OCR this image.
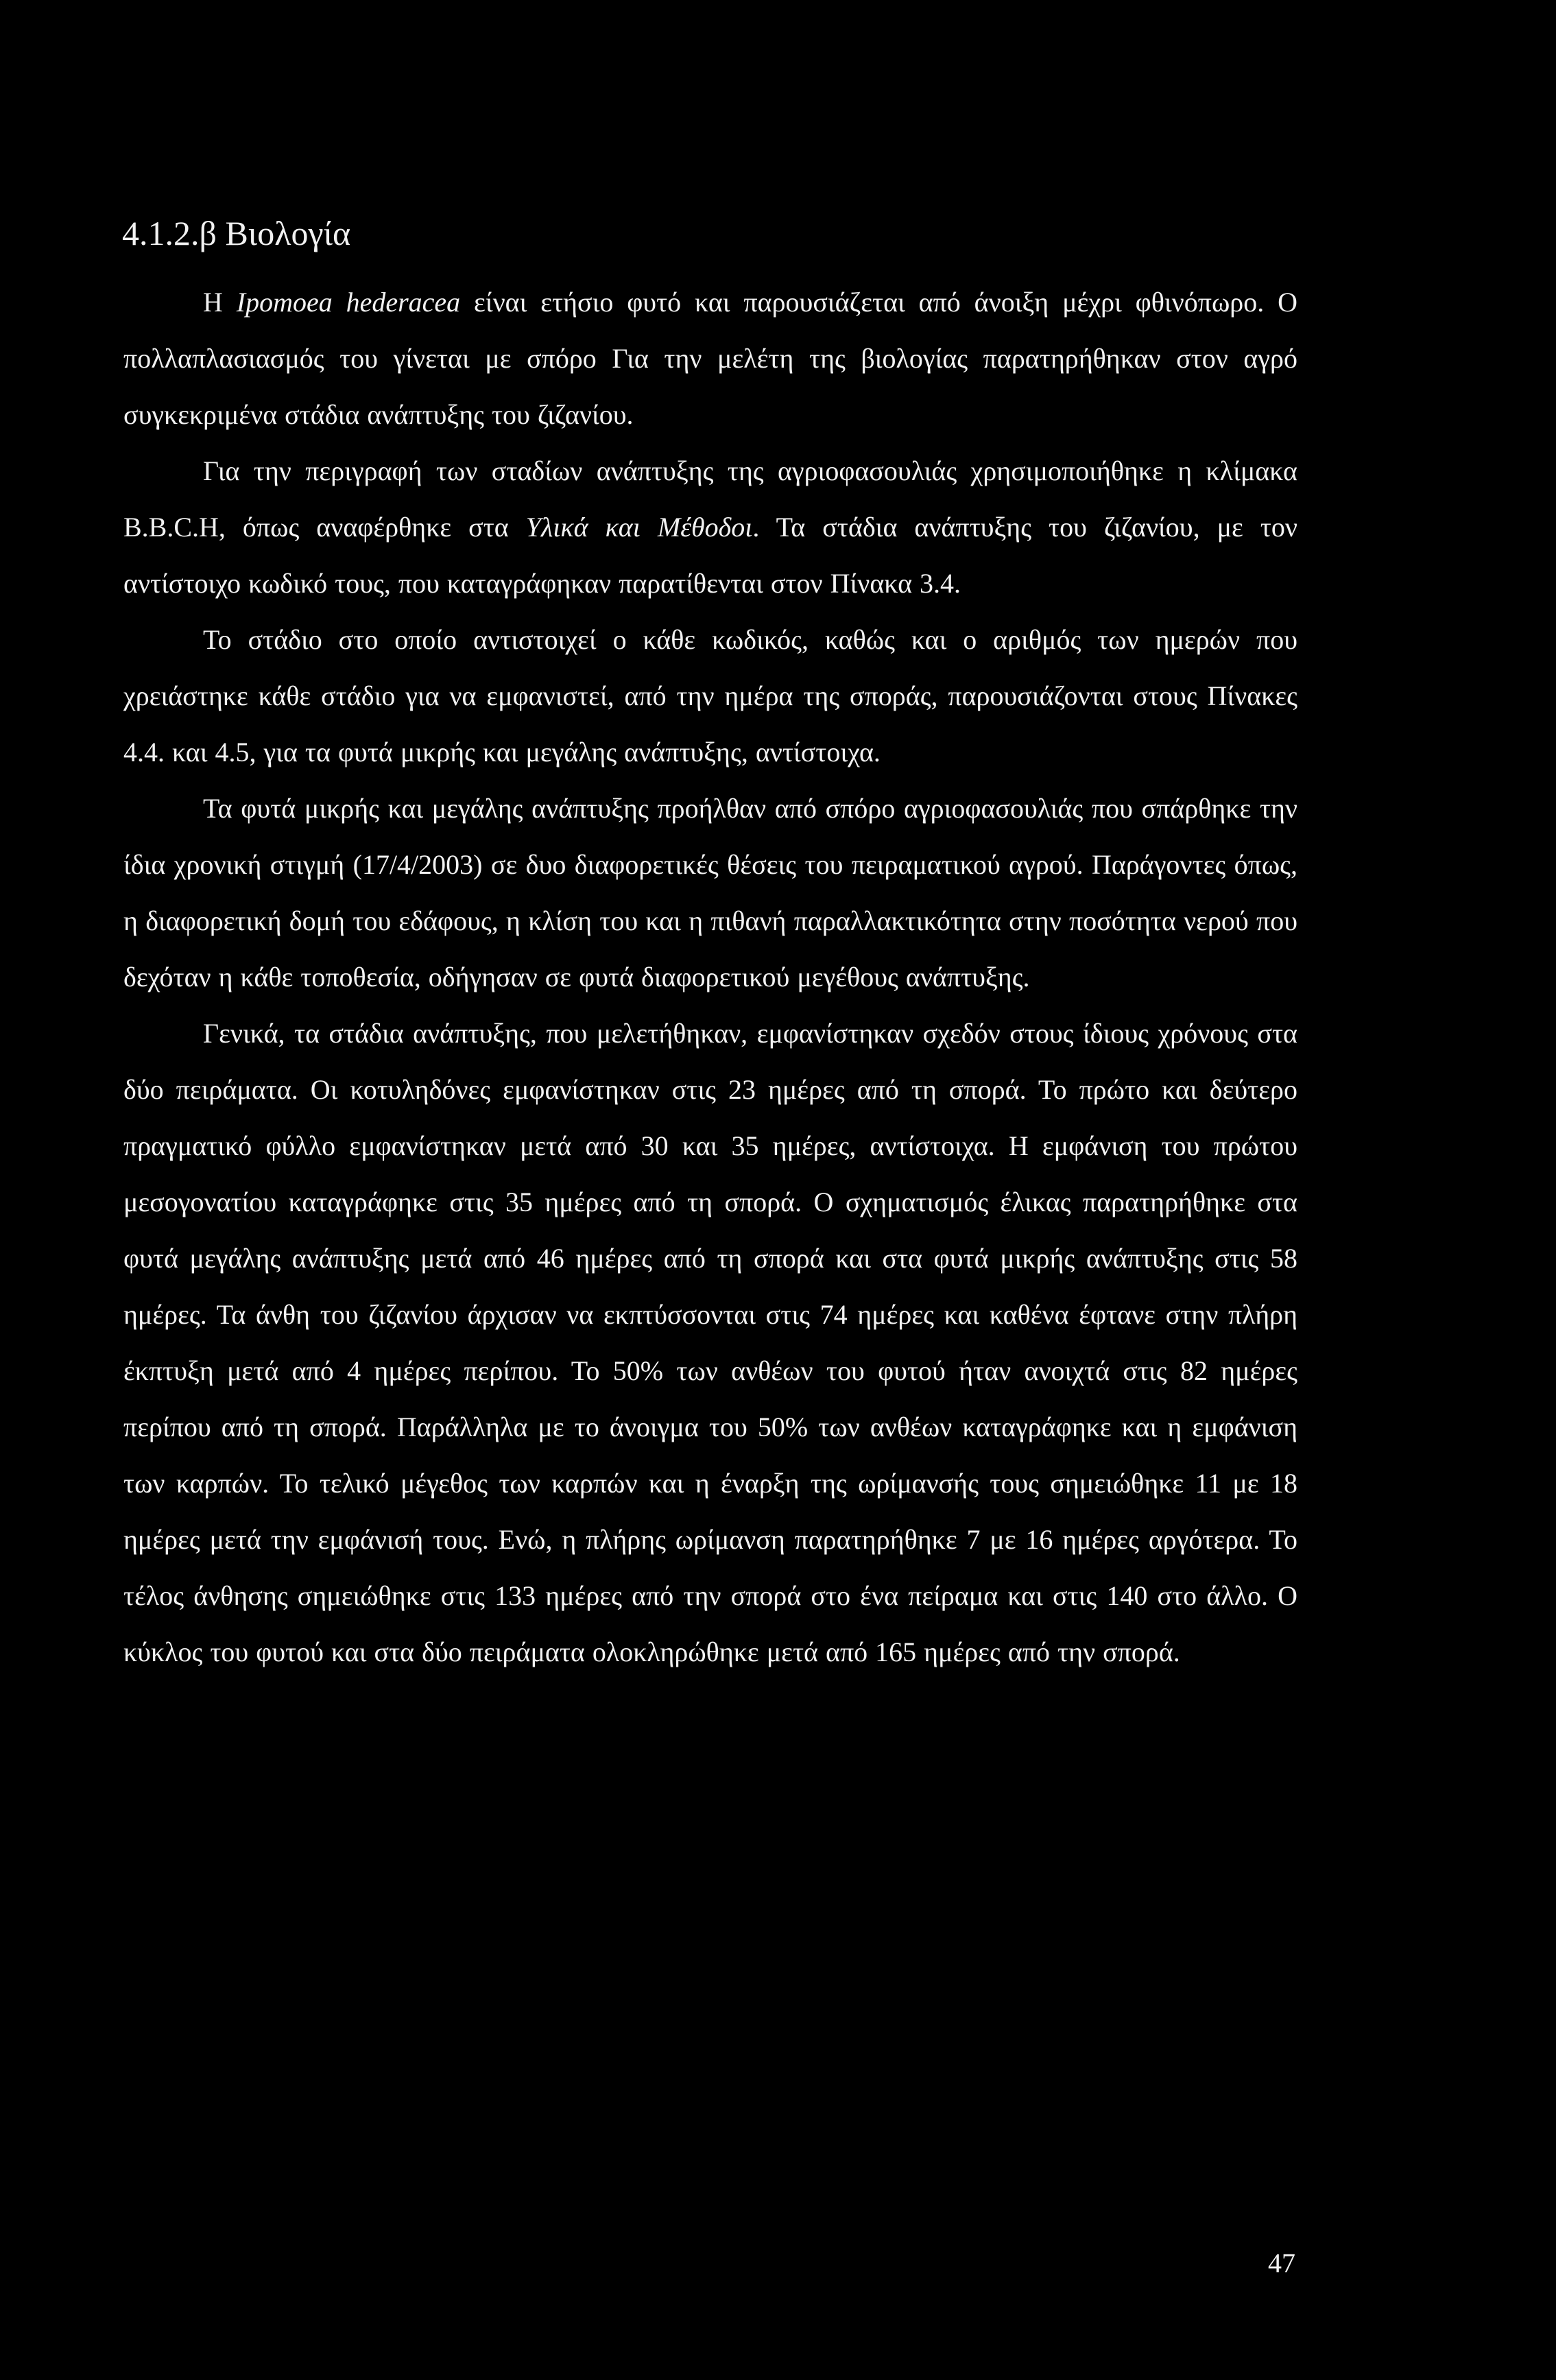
4.1.2.β Βιολογία

Η Ipomoea hederacea είναι ετήσιο φυτό και παρουσιάζεται από άνοιξη μέχρι φθινόπωρο. Ο πολλαπλασιασμός του γίνεται με σπόρο Για την μελέτη της βιολογίας παρατηρήθηκαν στον αγρό συγκεκριμένα στάδια ανάπτυξης του ζιζανίου.

Για την περιγραφή των σταδίων ανάπτυξης της αγριοφασουλιάς χρησιμοποιήθηκε η κλίμακα B.B.C.H, όπως αναφέρθηκε στα Υλικά και Μέθοδοι. Τα στάδια ανάπτυξης του ζιζανίου, με τον αντίστοιχο κωδικό τους, που καταγράφηκαν παρατίθενται στον Πίνακα 3.4.

Το στάδιο στο οποίο αντιστοιχεί ο κάθε κωδικός, καθώς και ο αριθμός των ημερών που χρειάστηκε κάθε στάδιο για να εμφανιστεί, από την ημέρα της σποράς, παρουσιάζονται στους Πίνακες 4.4. και 4.5, για τα φυτά μικρής και μεγάλης ανάπτυξης, αντίστοιχα.

Τα φυτά μικρής και μεγάλης ανάπτυξης προήλθαν από σπόρο αγριοφασουλιάς που σπάρθηκε την ίδια χρονική στιγμή (17/4/2003) σε δυο διαφορετικές θέσεις του πειραματικού αγρού. Παράγοντες όπως, η διαφορετική δομή του εδάφους, η κλίση του και η πιθανή παραλλακτικότητα στην ποσότητα νερού που δεχόταν η κάθε τοποθεσία, οδήγησαν σε φυτά διαφορετικού μεγέθους ανάπτυξης.

Γενικά, τα στάδια ανάπτυξης, που μελετήθηκαν, εμφανίστηκαν σχεδόν στους ίδιους χρόνους στα δύο πειράματα. Οι κοτυληδόνες εμφανίστηκαν στις 23 ημέρες από τη σπορά. Το πρώτο και δεύτερο πραγματικό φύλλο εμφανίστηκαν μετά από 30 και 35 ημέρες, αντίστοιχα. Η εμφάνιση του πρώτου μεσογονατίου καταγράφηκε στις 35 ημέρες από τη σπορά. Ο σχηματισμός έλικας παρατηρήθηκε στα φυτά μεγάλης ανάπτυξης μετά από 46 ημέρες από τη σπορά και στα φυτά μικρής ανάπτυξης στις 58 ημέρες. Τα άνθη του ζιζανίου άρχισαν να εκπτύσσονται στις 74 ημέρες και καθένα έφτανε στην πλήρη έκπτυξη μετά από 4 ημέρες περίπου. Το 50% των ανθέων του φυτού ήταν ανοιχτά στις 82 ημέρες περίπου από τη σπορά. Παράλληλα με το άνοιγμα του 50% των ανθέων καταγράφηκε και η εμφάνιση των καρπών. Το τελικό μέγεθος των καρπών και η έναρξη της ωρίμανσής τους σημειώθηκε 11 με 18 ημέρες μετά την εμφάνισή τους. Ενώ, η πλήρης ωρίμανση παρατηρήθηκε 7 με 16 ημέρες αργότερα. Το τέλος άνθησης σημειώθηκε στις 133 ημέρες από την σπορά στο ένα πείραμα και στις 140 στο άλλο. Ο κύκλος του φυτού και στα δύο πειράματα ολοκληρώθηκε μετά από 165 ημέρες από την σπορά.

47
